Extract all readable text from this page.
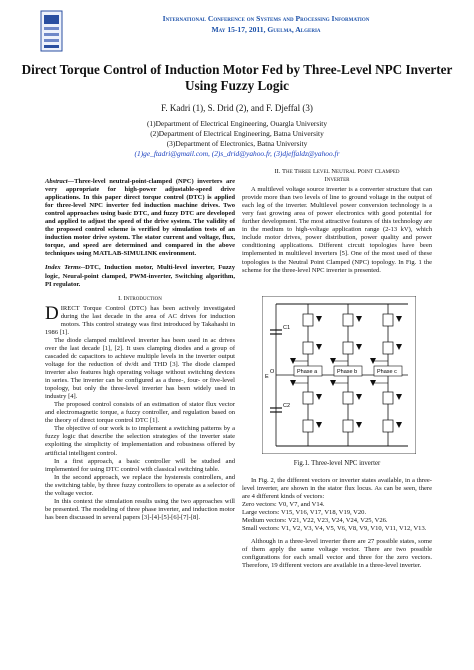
International Conference on Systems and Processing Information
May 15-17, 2011, Guelma, Algeria
Direct Torque Control of Induction Motor Fed by Three-Level NPC Inverter Using Fuzzy Logic
F. Kadri (1), S. Drid (2), and F. Djeffal (3)
(1)Department of Electrical Engineering, Ouargla University
(2)Department of Electrical Engineering, Batna University
(3)Department of Electronics, Batna University
(1)ge_ftadri@gmail.com, (2)s_drid@yahoo.fr, (3)djeffaldz@yahoo.fr

Abstract—Three-level neutral-point-clamped (NPC) inverters are very appropriate for high-power adjustable-speed drive applications. In this paper direct torque control (DTC) is applied for three-level NPC inverter fed induction machine drives. Two control approaches using basic DTC, and fuzzy DTC are developed and applied to adjust the speed of the drive system. The validity of the proposed control scheme is verified by simulation tests of an induction motor drive system. The stator current and voltage, flux, torque, and speed are determined and compared in the above techniques using MATLAB-SIMULINK environment.

Index Terms--DTC, Induction motor, Multi-level inverter, Fuzzy logic, Neural-point clamped, PWM-inverter, Switching algorithm, PI regulator.

I. Introduction

DIRECT Torque Control (DTC) has been actively investigated during the last decade in the area of AC drives for induction motors. This control strategy was first introduced by Takahashi in 1986 [1].

The diode clamped multilevel inverter has been used in ac drives over the last decade [1], [2]. It uses clamping diodes and a group of cascaded dc capacitors to achieve multiple levels in the inverter output voltage for the reduction of dv/dt and THD [3]. The diode clamped inverter also features high operating voltage without switching devices in series. The inverter can be configured as a three-, four- or five-level topology, but only the three-level inverter has been widely used in industry [4].

The proposed control consists of an estimation of stator flux vector and electromagnetic torque, a fuzzy controller, and regulation based on the theory of direct torque control DTC [1].

The objective of our work is to implement a switching patterns by a fuzzy logic that describe the selection strategies of the inverter state exploiting the simplicity of implementation and robustness offered by artificial intelligent control.

In a first approach, a basic controller will be studied and implemented for using DTC control with classical switching table.

In the second approach, we replace the hysteresis controllers, and the switching table, by three fuzzy controllers to operate as a selector of the voltage vector.

In this context the simulation results using the two approaches will be presented. The modeling of three phase inverter, and induction motor has been discussed in several papers [3]-[4]-[5]-[6]-[7]-[8].

II. The Three Level Neutral Point Clamped
Inverter

A multilevel voltage source inverter is a converter structure that can provide more than two levels of line to ground voltage in the output of each leg of the inverter. Multilevel power conversion technology is a very fast growing area of power electronics with good potential for further development. The most attractive features of this technology are in the medium to high-voltage application range (2-13 kV), which include motor drives, power distribution, power quality and power conditioning applications. Different circuit topologies have been implemented in multilevel inverters [5]. One of the most used of these topologies is the Neutral Point Clamped (NPC) topology. In Fig. 1 the scheme for the three-level NPC inverter is presented.

C1
C2
E
O	Phase a	Phase b	Phase c
Fig.1. Three-level NPC inverter

In Fig. 2, the different vectors or inverter states available, in a three-level inverter, are shown in the stator flux locus. As can be seen, there are 4 different kinds of vectors:

Zero vectors: V0, V7, and V14.

Large vectors: V15, V16, V17, V18, V19, V20.

Medium vectors: V21, V22, V23, V24, V24, V25, V26.

Small vectors: V1, V2, V3, V4, V5, V6, V8, V9, V10, V11, V12, V13.

Although in a three-level inverter there are 27 possible states, some of them apply the same voltage vector. There are two possible configurations for each small vector and three for the zero vectors. Therefore, 19 different vectors are available in a three-level inverter.
